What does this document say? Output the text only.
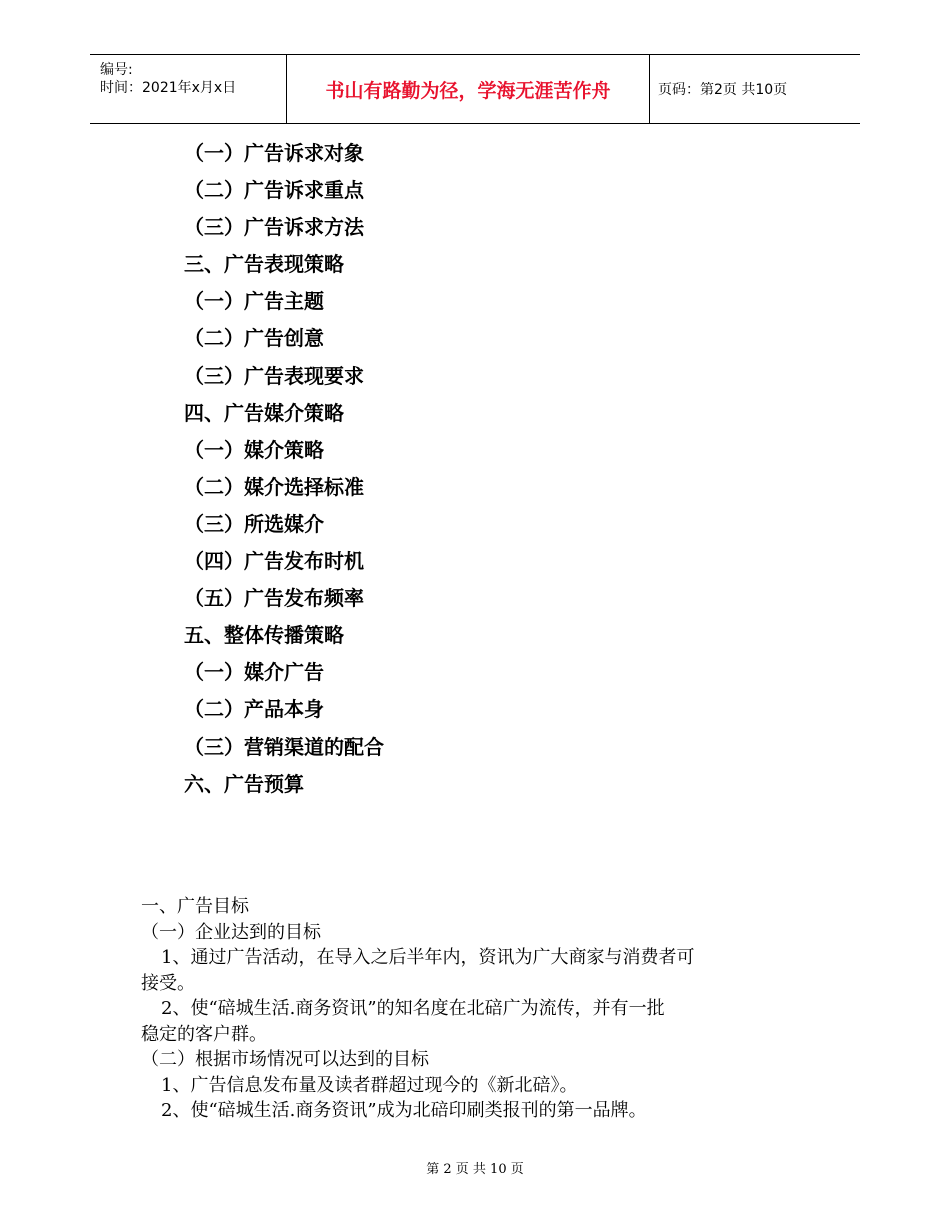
编号:
时间：2021年x月x日	书山有路勤为径，学海无涯苦作舟	页码：第2页 共10页
（一）广告诉求对象
（二）广告诉求重点
（三）广告诉求方法
三、广告表现策略
（一）广告主题
（二）广告创意
（三）广告表现要求
四、广告媒介策略
（一）媒介策略
（二）媒介选择标准
（三）所选媒介
（四）广告发布时机
（五）广告发布频率
五、整体传播策略
（一）媒介广告
（二）产品本身
（三）营销渠道的配合
六、广告预算

一、广告目标

（一）企业达到的目标

1、通过广告活动，在导入之后半年内，资讯为广大商家与消费者可

接受。

2、使“碚城生活.商务资讯”的知名度在北碚广为流传，并有一批

稳定的客户群。

（二）根据市场情况可以达到的目标

1、广告信息发布量及读者群超过现今的《新北碚》。

2、使“碚城生活.商务资讯”成为北碚印刷类报刊的第一品牌。

第 2 页 共 10 页
